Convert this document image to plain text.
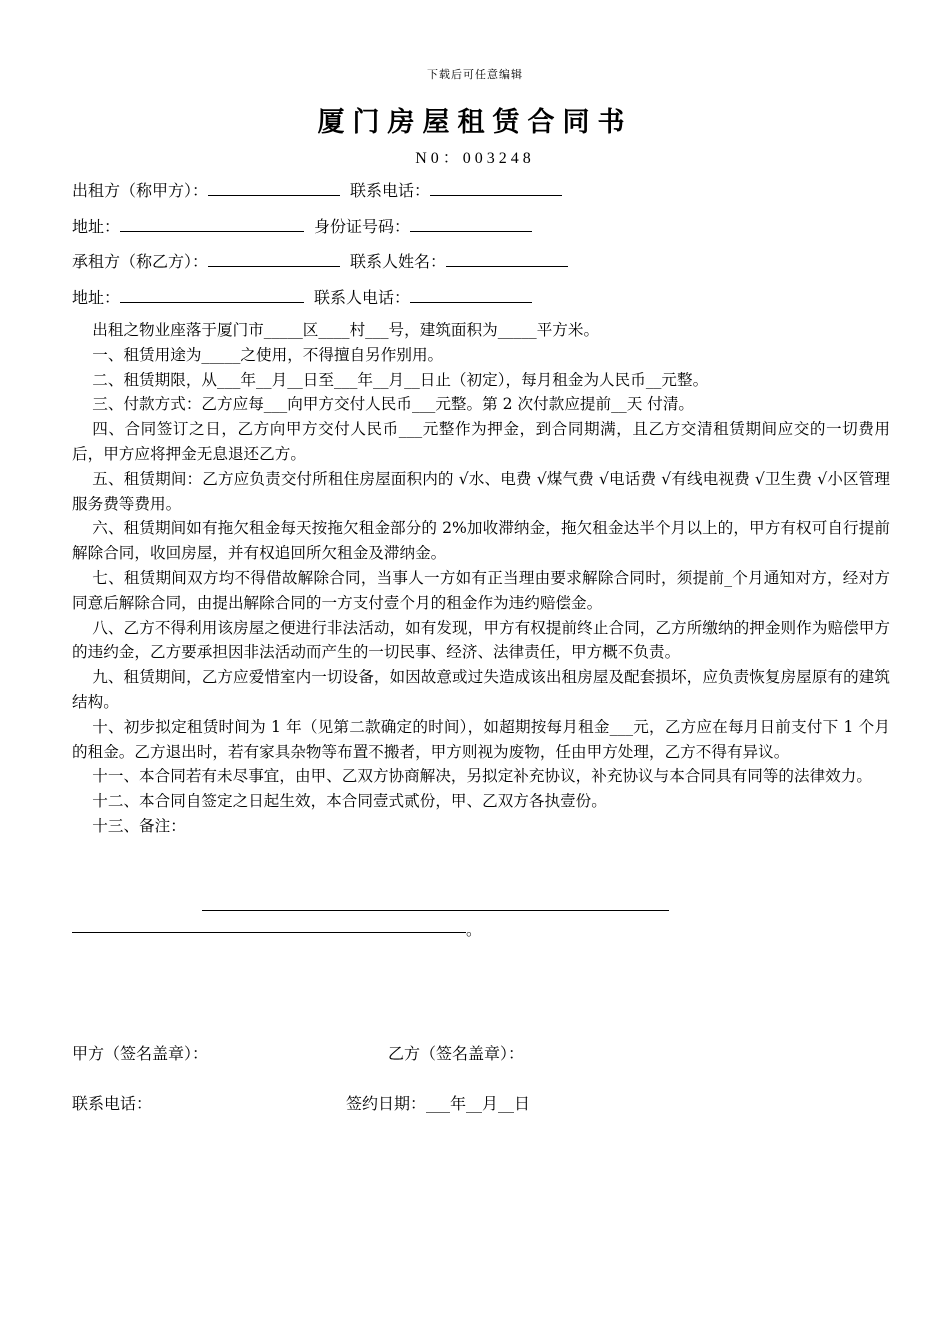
下载后可任意编辑
厦门房屋租赁合同书
N0：003248
出租方（称甲方）：	联系电话：
地址：	身份证号码：
承租方（称乙方）：	联系人姓名：
地址：	联系人电话：

出租之物业座落于厦门市_____区____村___号，建筑面积为_____平方米。

一、租赁用途为_____之使用，不得擅自另作别用。

二、租赁期限，从___年__月__日至___年__月__日止（初定），每月租金为人民币__元整。

三、付款方式：乙方应每___向甲方交付人民币___元整。第 2 次付款应提前__天 付清。

四、合同签订之日，乙方向甲方交付人民币___元整作为押金，到合同期满，且乙方交清租赁期间应交的一切费用后，甲方应将押金无息退还乙方。

五、租赁期间：乙方应负责交付所租住房屋面积内的 √水、电费 √煤气费 √电话费 √有线电视费 √卫生费 √小区管理服务费等费用。

六、租赁期间如有拖欠租金每天按拖欠租金部分的 2%加收滞纳金，拖欠租金达半个月以上的，甲方有权可自行提前解除合同，收回房屋，并有权追回所欠租金及滞纳金。

七、租赁期间双方均不得借故解除合同，当事人一方如有正当理由要求解除合同时，须提前_个月通知对方，经对方同意后解除合同，由提出解除合同的一方支付壹个月的租金作为违约赔偿金。

八、乙方不得利用该房屋之便进行非法活动，如有发现，甲方有权提前终止合同，乙方所缴纳的押金则作为赔偿甲方的违约金，乙方要承担因非法活动而产生的一切民事、经济、法律责任，甲方概不负责。

九、租赁期间，乙方应爱惜室内一切设备，如因故意或过失造成该出租房屋及配套损坏，应负责恢复房屋原有的建筑结构。

十、初步拟定租赁时间为 1 年（见第二款确定的时间），如超期按每月租金___元，乙方应在每月日前支付下 1 个月的租金。乙方退出时，若有家具杂物等布置不搬者，甲方则视为废物，任由甲方处理，乙方不得有异议。

十一、本合同若有未尽事宜，由甲、乙双方协商解决，另拟定补充协议，补充协议与本合同具有同等的法律效力。

十二、本合同自签定之日起生效，本合同壹式贰份，甲、乙双方各执壹份。

十三、备注：

。
甲方（签名盖章）：	乙方（签名盖章）：
联系电话：	签约日期：___年__月__日
